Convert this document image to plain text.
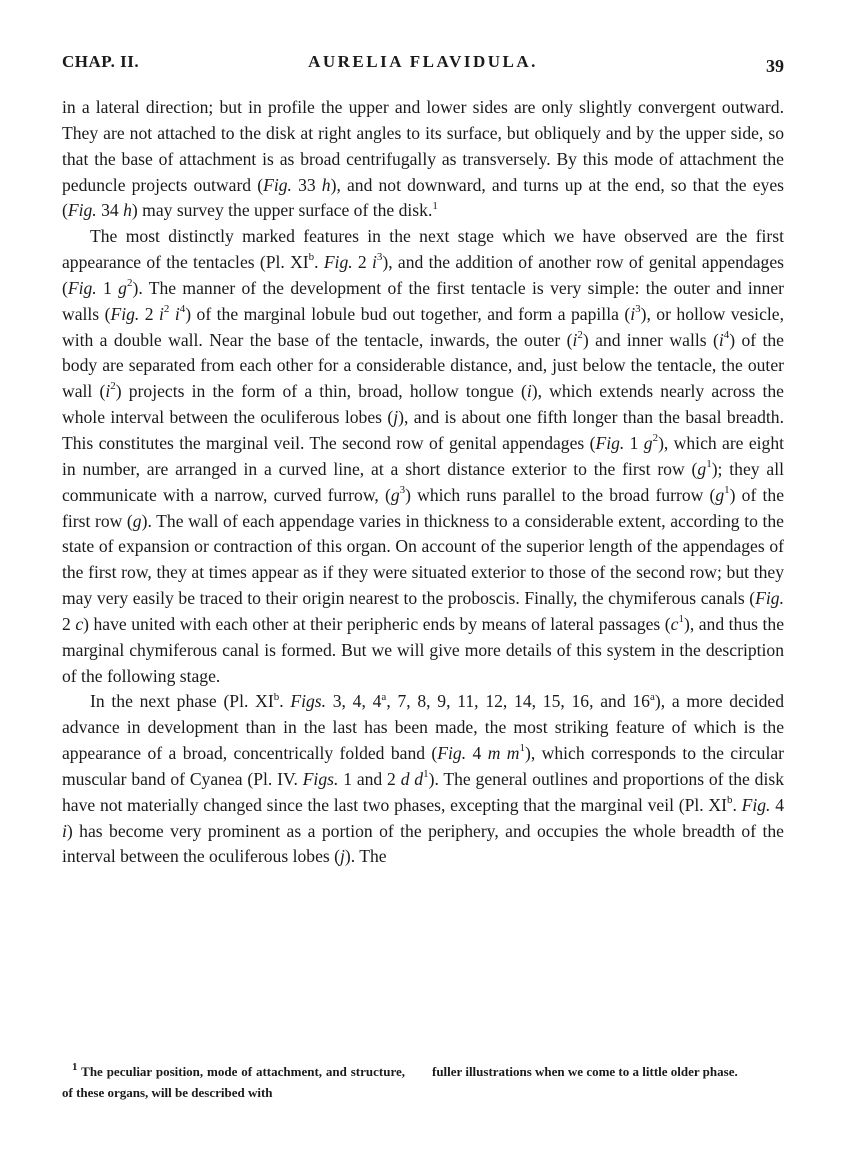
CHAP. II.	AURELIA FLAVIDULA.	39

in a lateral direction; but in profile the upper and lower sides are only slightly convergent outward. They are not attached to the disk at right angles to its surface, but obliquely and by the upper side, so that the base of attachment is as broad centrifugally as transversely. By this mode of attachment the peduncle projects outward (Fig. 33 h), and not downward, and turns up at the end, so that the eyes (Fig. 34 h) may survey the upper surface of the disk.$^1$

The most distinctly marked features in the next stage which we have observed are the first appearance of the tentacles (Pl. $XI^b$. Fig. 2 $i^3$), and the addition of another row of genital appendages (Fig. 1 $g^2$). The manner of the development of the first tentacle is very simple: the outer and inner walls (Fig. 2 $i^2$ $i^4$) of the marginal lobule bud out together, and form a papilla $(i^3)$, or hollow vesicle, with a double wall. Near the base of the tentacle, inwards, the outer $(i^2)$ and inner walls $(i^4)$ of the body are separated from each other for a considerable distance, and, just below the tentacle, the outer wall $(i^2)$ projects in the form of a thin, broad, hollow tongue (i), which extends nearly across the whole interval between the oculiferous lobes (j), and is about one fifth longer than the basal breadth. This constitutes the marginal veil. The second row of genital appendages (Fig. 1 $g^2$), which are eight in number, are arranged in a curved line, at a short distance exterior to the first row $(g^1)$; they all communicate with a narrow, curved furrow, $(g^3)$ which runs parallel to the broad furrow $(g^1)$ of the first row (g). The wall of each appendage varies in thickness to a considerable extent, according to the state of expansion or contraction of this organ. On account of the superior length of the appendages of the first row, they at times appear as if they were situated exterior to those of the second row; but they may very easily be traced to their origin nearest to the proboscis. Finally, the chymiferous canals (Fig. 2 c) have united with each other at their peripheric ends by means of lateral passages $(c^1)$, and thus the marginal chymiferous canal is formed. But we will give more details of this system in the description of the following stage.

In the next phase (Pl. $XI^b$. Figs. 3, 4, 4$^a$, 7, 8, 9, 11, 12, 14, 15, 16, and 16$^a$), a more decided advance in development than in the last has been made, the most striking feature of which is the appearance of a broad, concentrically folded band (Fig. 4 m $m^1$), which corresponds to the circular muscular band of Cyanea (Pl. IV. Figs. 1 and 2 d $d^1$). The general outlines and proportions of the disk have not materially changed since the last two phases, excepting that the marginal veil (Pl. $XI^b$. Fig. 4 i) has become very prominent as a portion of the periphery, and occupies the whole breadth of the interval between the oculiferous lobes (j). The

$^1$ The peculiar position, mode of attachment, and structure, of these organs, will be described with
fuller illustrations when we come to a little older phase.
